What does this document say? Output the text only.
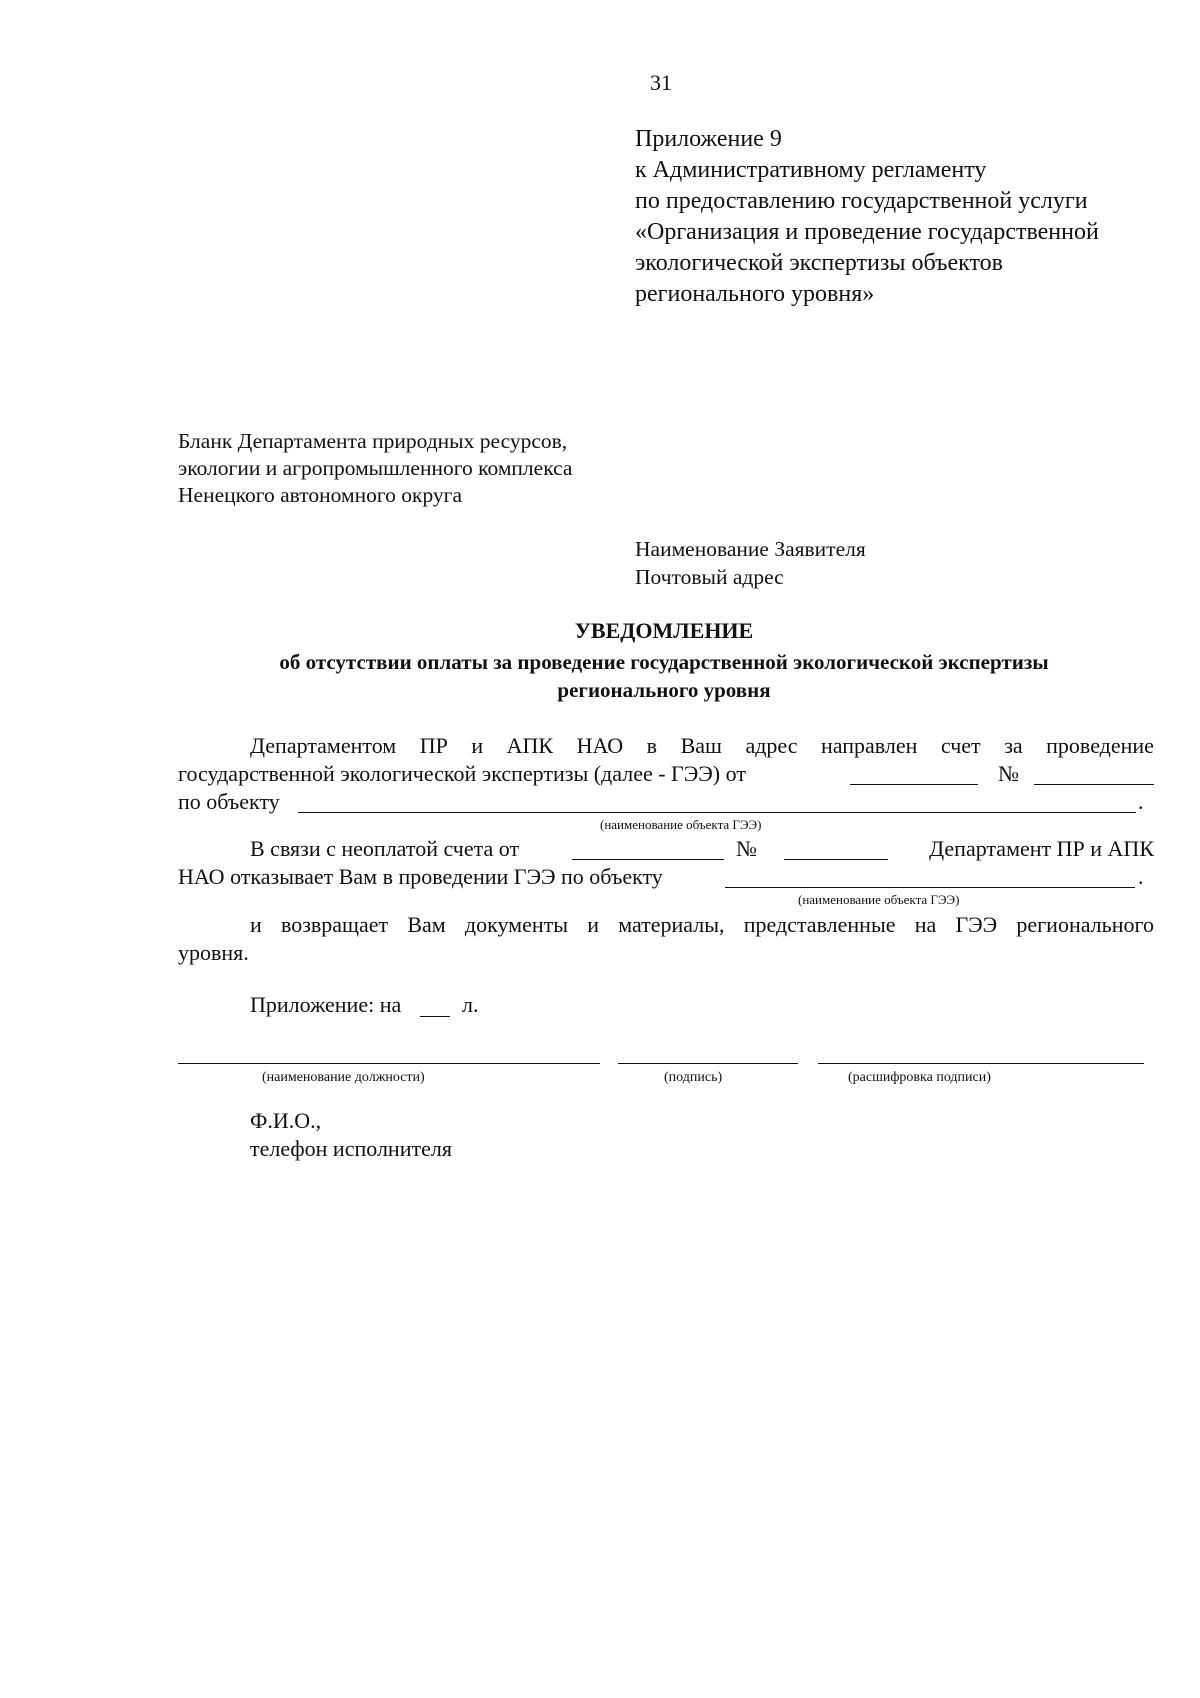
31
Приложение 9
к Административному регламенту
по предоставлению государственной услуги
«Организация и проведение государственной
экологической экспертизы объектов
регионального уровня»
Бланк Департамента природных ресурсов,
экологии и агропромышленного комплекса
Ненецкого автономного округа
Наименование Заявителя
Почтовый адрес
УВЕДОМЛЕНИЕ
об отсутствии оплаты за проведение государственной экологической экспертизы
регионального уровня
Департаментом ПР и АПК НАО в Ваш адрес направлен счет за проведение
государственной экологической экспертизы (далее - ГЭЭ) от	№
по объекту	.
(наименование объекта ГЭЭ)
В связи с неоплатой счета от	№	Департамент ПР и АПК
НАО отказывает Вам в проведении ГЭЭ по объекту	.
(наименование объекта ГЭЭ)
и возвращает Вам документы и материалы, представленные на ГЭЭ регионального
уровня.
Приложение: на	л.
(наименование должности)	(подпись)	(расшифровка подписи)
Ф.И.О.,
телефон исполнителя
